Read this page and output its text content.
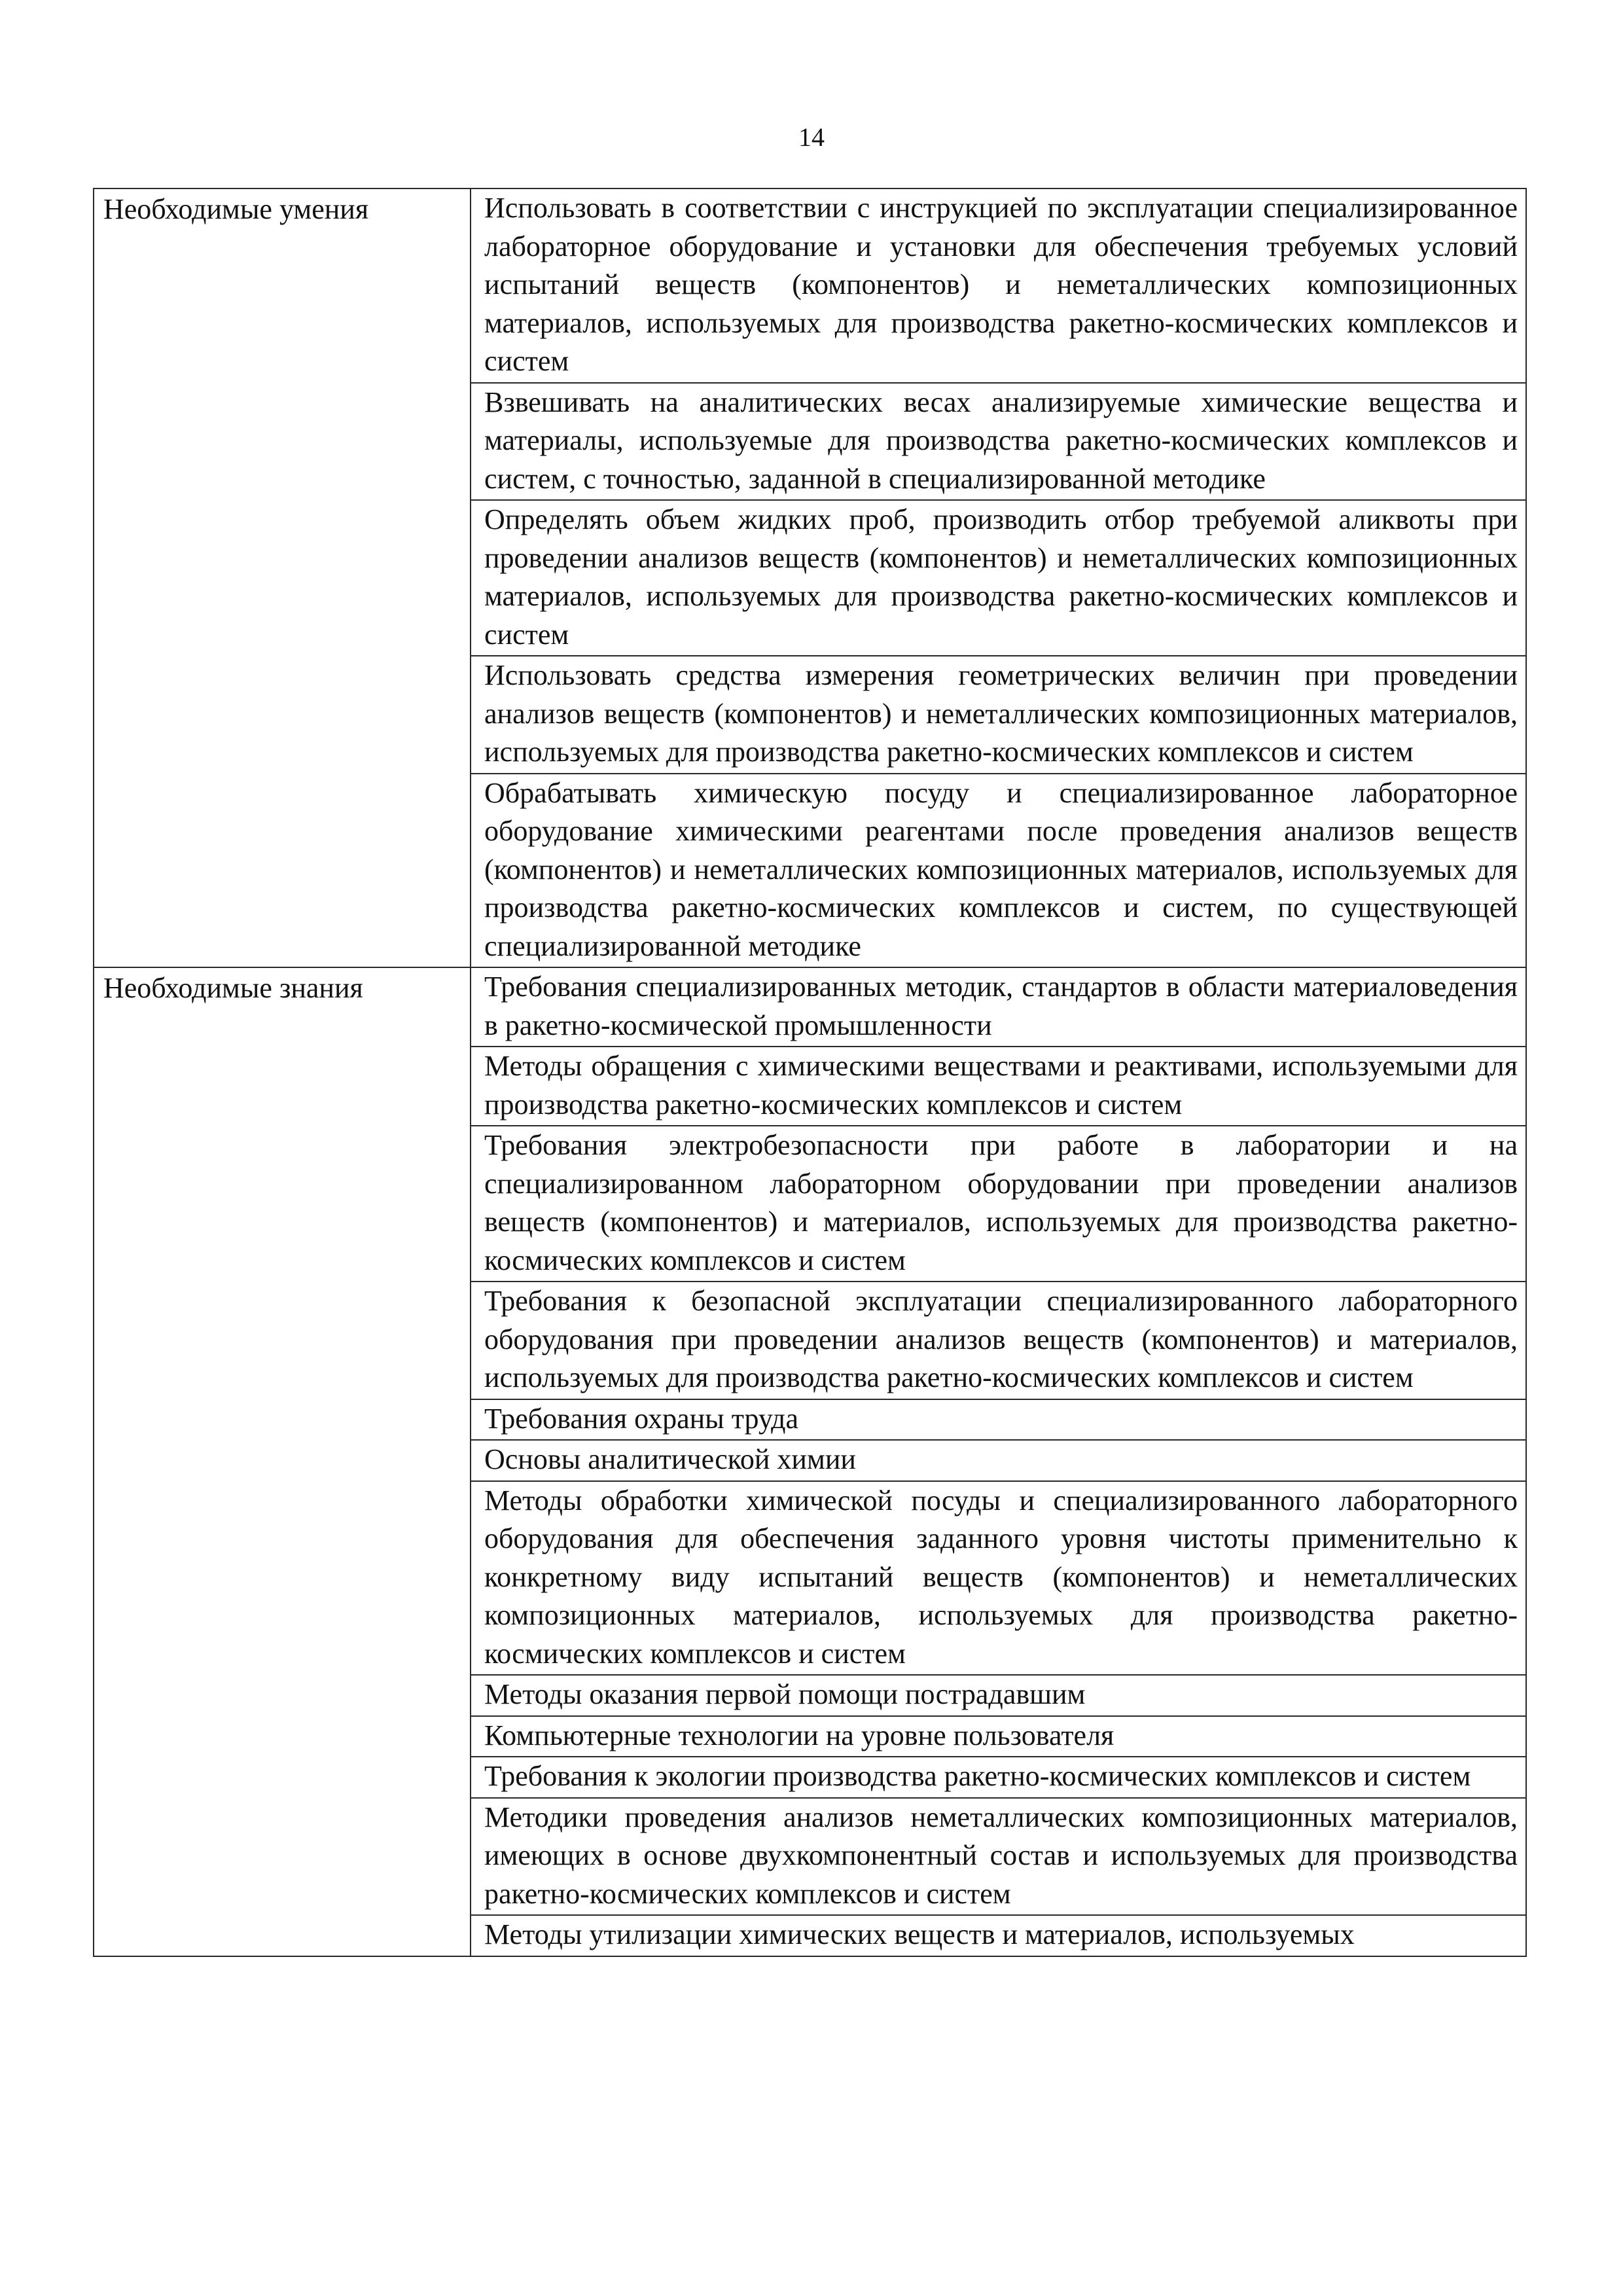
14
Необходимые умения	Использовать в соответствии с инструкцией по эксплуатации специализированное лабораторное оборудование и установки для обеспечения требуемых условий испытаний веществ (компонентов) и неметаллических композиционных материалов, используемых для производства ракетно-космических комплексов и систем
	Взвешивать на аналитических весах анализируемые химические вещества и материалы, используемые для производства ракетно-космических комплексов и систем, с точностью, заданной в специализированной методике
	Определять объем жидких проб, производить отбор требуемой аликвоты при проведении анализов веществ (компонентов) и неметаллических композиционных материалов, используемых для производства ракетно-космических комплексов и систем
	Использовать средства измерения геометрических величин при проведении анализов веществ (компонентов) и неметаллических композиционных материалов, используемых для производства ракетно-космических комплексов и систем
	Обрабатывать химическую посуду и специализированное лабораторное оборудование химическими реагентами после проведения анализов веществ (компонентов) и неметаллических композиционных материалов, используемых для производства ракетно-космических комплексов и систем, по существующей специализированной методике
Необходимые знания	Требования специализированных методик, стандартов в области материаловедения в ракетно-космической промышленности
	Методы обращения с химическими веществами и реактивами, используемыми для производства ракетно-космических комплексов и систем
	Требования электробезопасности при работе в лаборатории и на специализированном лабораторном оборудовании при проведении анализов веществ (компонентов) и материалов, используемых для производства ракетно-космических комплексов и систем
	Требования к безопасной эксплуатации специализированного лабораторного оборудования при проведении анализов веществ (компонентов) и материалов, используемых для производства ракетно-космических комплексов и систем
	Требования охраны труда
	Основы аналитической химии
	Методы обработки химической посуды и специализированного лабораторного оборудования для обеспечения заданного уровня чистоты применительно к конкретному виду испытаний веществ (компонентов) и неметаллических композиционных материалов, используемых для производства ракетно-космических комплексов и систем
	Методы оказания первой помощи пострадавшим
	Компьютерные технологии на уровне пользователя
	Требования к экологии производства ракетно-космических комплексов и систем
	Методики проведения анализов неметаллических композиционных материалов, имеющих в основе двухкомпонентный состав и используемых для производства ракетно-космических комплексов и систем
	Методы утилизации химических веществ и материалов, используемых
